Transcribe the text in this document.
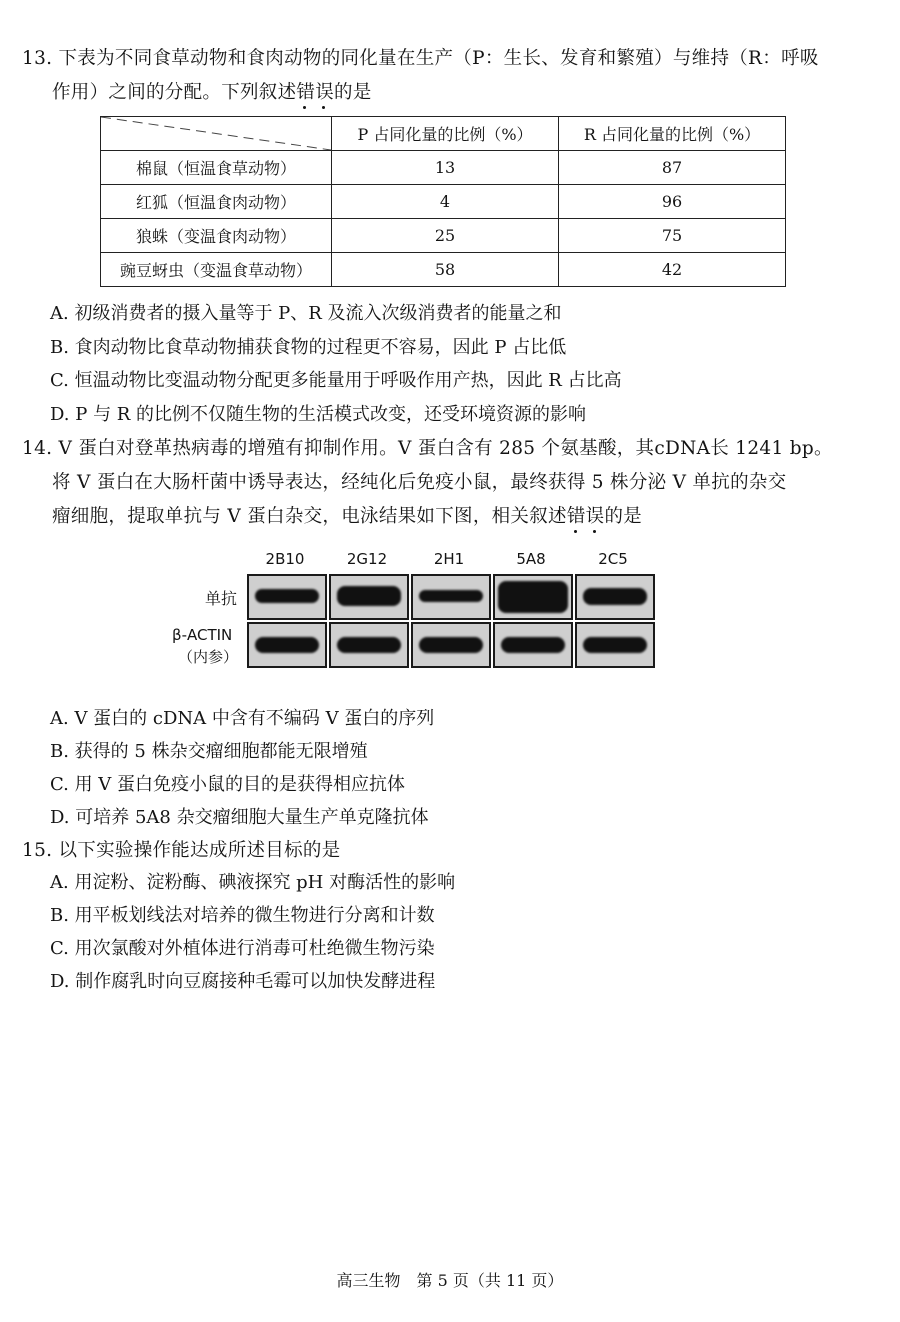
13. 下表为不同食草动物和食肉动物的同化量在生产（P：生长、发育和繁殖）与维持（R：呼吸
作用）之间的分配。下列叙述错误
的是
	P 占同化量的比例（%）	R 占同化量的比例（%）
棉鼠（恒温食草动物）	13	87
红狐（恒温食肉动物）	4	96
狼蛛（变温食肉动物）	25	75
豌豆蚜虫（变温食草动物）	58	42
A. 初级消费者的摄入量等于 P、R 及流入次级消费者的能量之和
B. 食肉动物比食草动物捕获食物的过程更不容易，因此 P 占比低
C. 恒温动物比变温动物分配更多能量用于呼吸作用产热，因此 R 占比高
D. P 与 R 的比例不仅随生物的生活模式改变，还受环境资源的影响
14. V 蛋白对登革热病毒的增殖有抑制作用。V 蛋白含有 285 个氨基酸，其cDNA长 1241 bp。
将 V 蛋白在大肠杆菌中诱导表达，经纯化后免疫小鼠，最终获得 5 株分泌 V 单抗的杂交
瘤细胞，提取单抗与 V 蛋白杂交，电泳结果如下图，相关叙述错误
的是
2B10	2G12	2H1	5A8	2C5
单抗
β-ACTIN
（内参）
A. V 蛋白的 cDNA 中含有不编码 V 蛋白的序列
B. 获得的 5 株杂交瘤细胞都能无限增殖
C. 用 V 蛋白免疫小鼠的目的是获得相应抗体
D. 可培养 5A8 杂交瘤细胞大量生产单克隆抗体
15. 以下实验操作能达成所述目标的是
A. 用淀粉、淀粉酶、碘液探究 pH 对酶活性的影响
B. 用平板划线法对培养的微生物进行分离和计数
C. 用次氯酸对外植体进行消毒可杜绝微生物污染
D. 制作腐乳时向豆腐接种毛霉可以加快发酵进程
高三生物　第 5 页（共 11 页）
